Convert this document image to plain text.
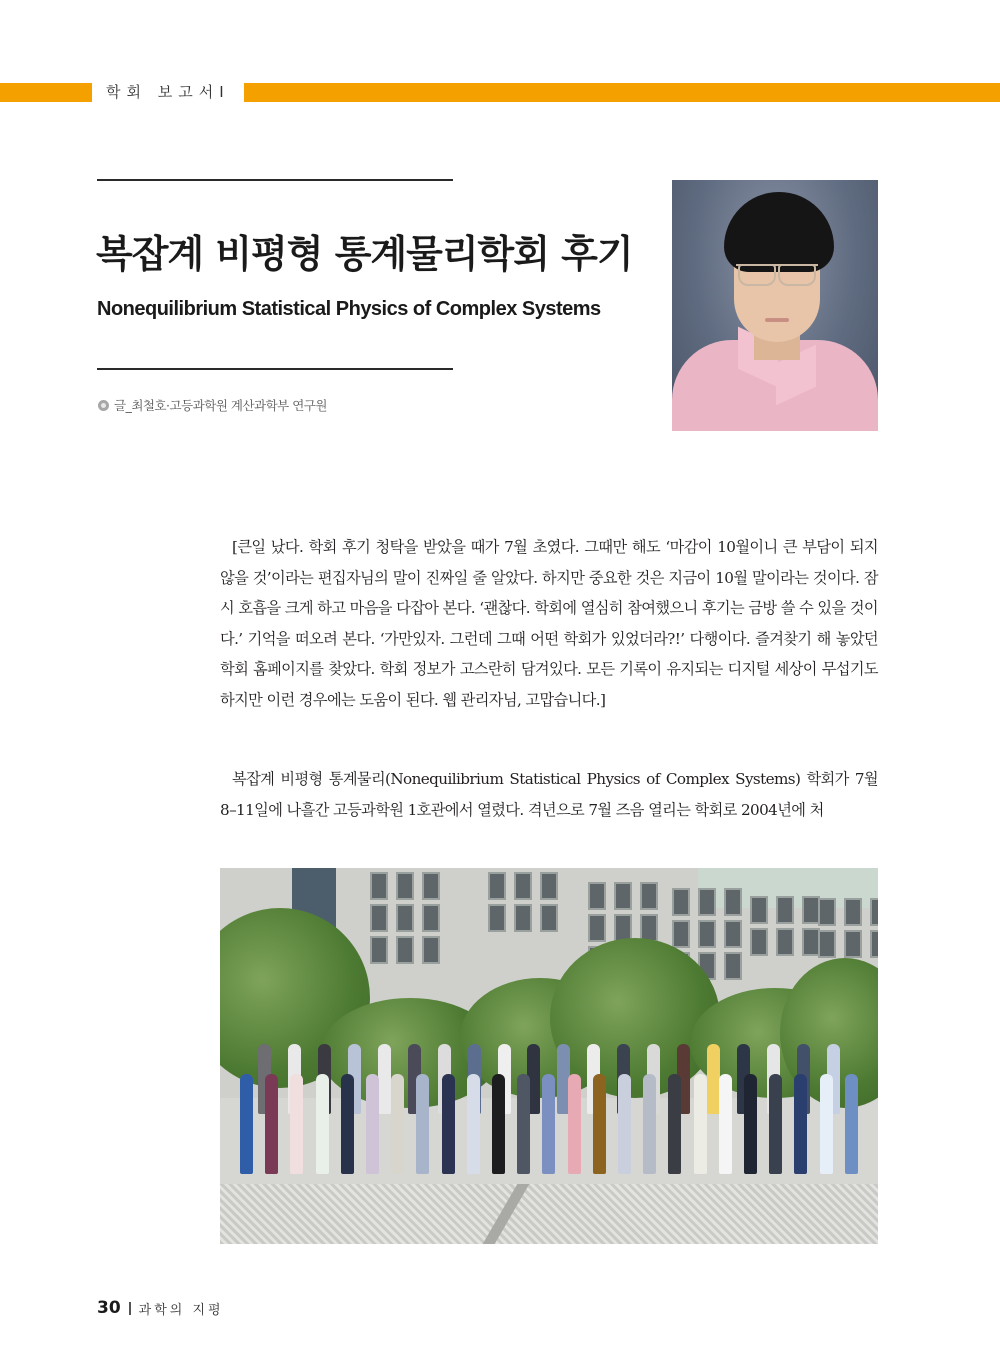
학회 보고서Ⅰ
복잡계 비평형 통계물리학회 후기
Nonequilibrium Statistical Physics of Complex Systems
글_최철호·고등과학원 계산과학부 연구원

[큰일 났다. 학회 후기 청탁을 받았을 때가 7월 초였다. 그때만 해도 ‘마감이 10월이니 큰 부담이 되지 않을 것’이라는 편집자님의 말이 진짜일 줄 알았다. 하지만 중요한 것은 지금이 10월 말이라는 것이다. 잠시 호흡을 크게 하고 마음을 다잡아 본다. ‘괜찮다. 학회에 열심히 참여했으니 후기는 금방 쓸 수 있을 것이다.’ 기억을 떠오려 본다. ‘가만있자. 그런데 그때 어떤 학회가 있었더라?!’ 다행이다. 즐겨찾기 해 놓았던 학회 홈페이지를 찾았다. 학회 정보가 고스란히 담겨있다. 모든 기록이 유지되는 디지털 세상이 무섭기도 하지만 이런 경우에는 도움이 된다. 웹 관리자님, 고맙습니다.]

복잡계 비평형 통계물리(Nonequilibrium Statistical Physics of Complex Systems) 학회가 7월 8–11일에 나흘간 고등과학원 1호관에서 열렸다. 격년으로 7월 즈음 열리는 학회로 2004년에 처

30 과학의 지평
